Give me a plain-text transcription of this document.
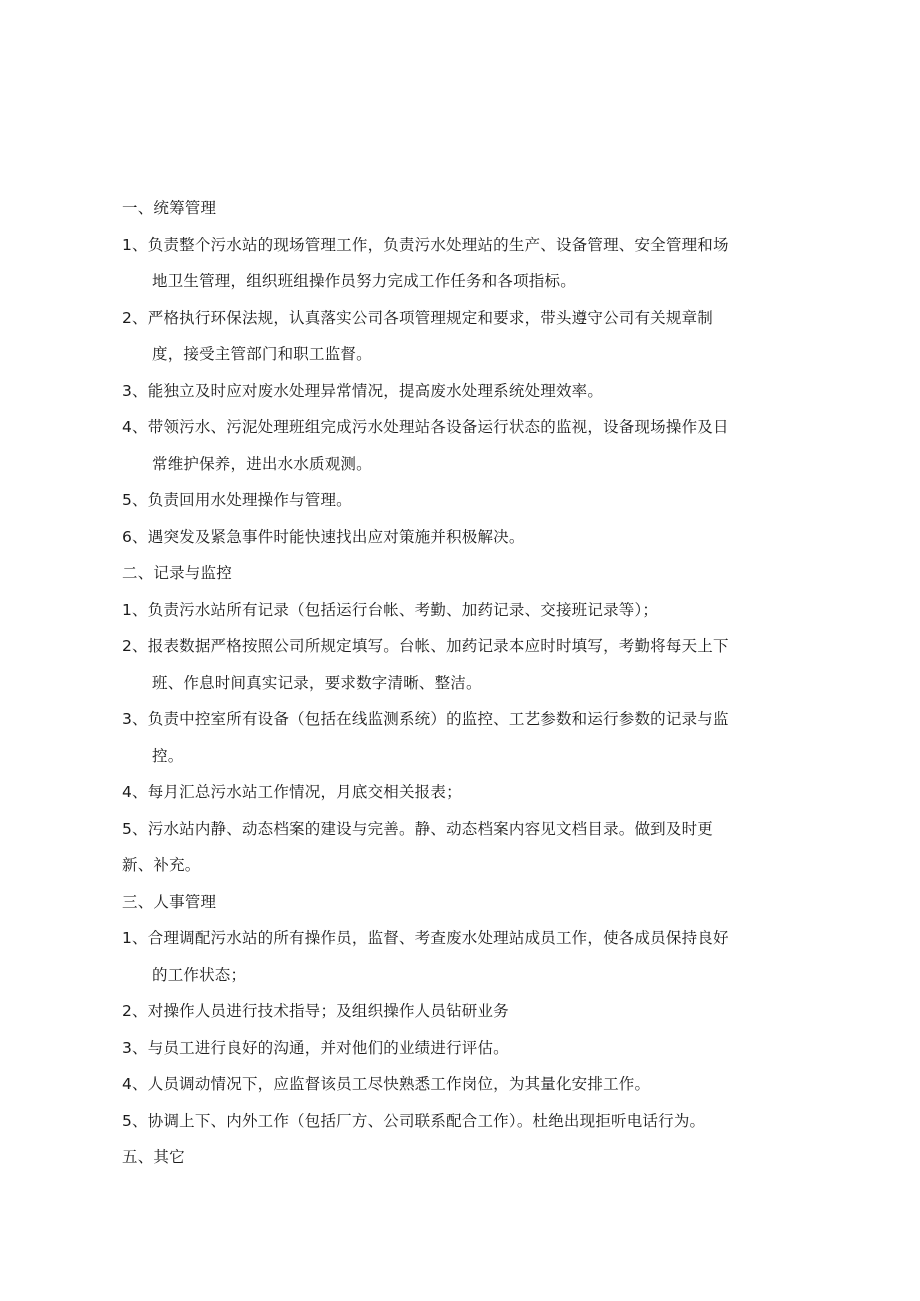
一、统筹管理
1、负责整个污水站的现场管理工作，负责污水处理站的生产、设备管理、安全管理和场
地卫生管理，组织班组操作员努力完成工作任务和各项指标。
2、严格执行环保法规，认真落实公司各项管理规定和要求，带头遵守公司有关规章制
度，接受主管部门和职工监督。
3、能独立及时应对废水处理异常情况，提高废水处理系统处理效率。
4、带领污水、污泥处理班组完成污水处理站各设备运行状态的监视，设备现场操作及日
常维护保养，进出水水质观测。
5、负责回用水处理操作与管理。
6、遇突发及紧急事件时能快速找出应对策施并积极解决。
二、记录与监控
1、负责污水站所有记录（包括运行台帐、考勤、加药记录、交接班记录等）；
2、报表数据严格按照公司所规定填写。台帐、加药记录本应时时填写，考勤将每天上下
班、作息时间真实记录，要求数字清晰、整洁。
3、负责中控室所有设备（包括在线监测系统）的监控、工艺参数和运行参数的记录与监
控。
4、每月汇总污水站工作情况，月底交相关报表；
5、污水站内静、动态档案的建设与完善。静、动态档案内容见文档目录。做到及时更
新、补充。
三、人事管理
1、合理调配污水站的所有操作员，监督、考查废水处理站成员工作，使各成员保持良好
的工作状态；
2、对操作人员进行技术指导；及组织操作人员钻研业务
3、与员工进行良好的沟通，并对他们的业绩进行评估。
4、人员调动情况下，应监督该员工尽快熟悉工作岗位，为其量化安排工作。
5、协调上下、内外工作（包括厂方、公司联系配合工作）。杜绝出现拒听电话行为。
五、其它
